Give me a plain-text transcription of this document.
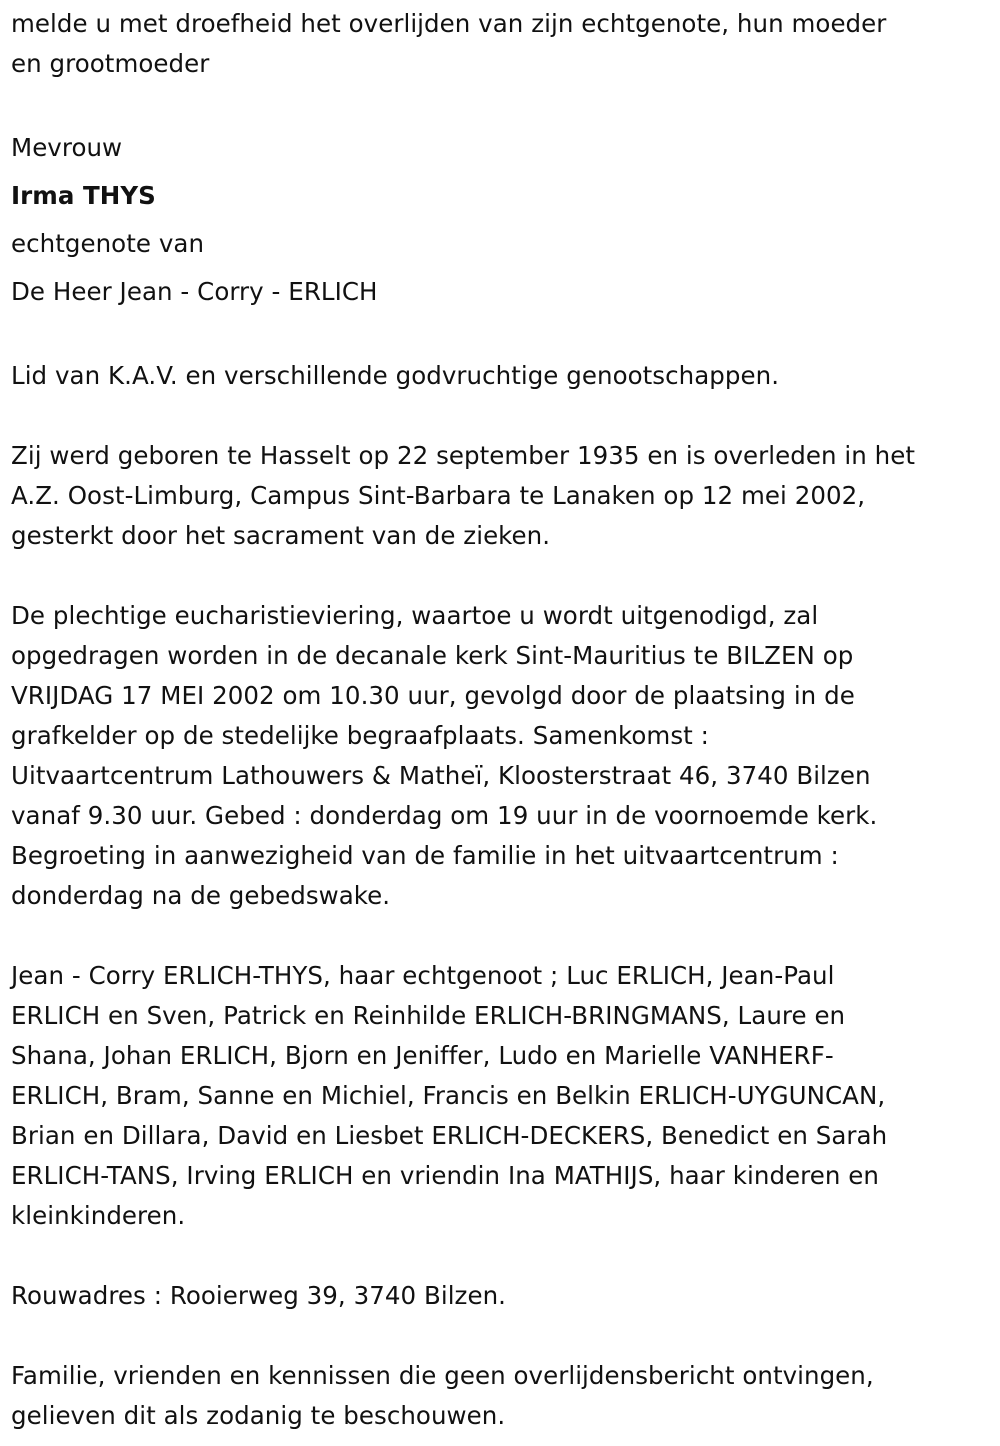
melde u met droefheid het overlijden van zijn echtgenote, hun moeder
en grootmoeder

Mevrouw
Irma THYS
echtgenote van
De Heer Jean - Corry - ERLICH

Lid van K.A.V. en verschillende godvruchtige genootschappen.

Zij werd geboren te Hasselt op 22 september 1935 en is overleden in het
A.Z. Oost-Limburg, Campus Sint-Barbara te Lanaken op 12 mei 2002,
gesterkt door het sacrament van de zieken.

De plechtige eucharistieviering, waartoe u wordt uitgenodigd, zal
opgedragen worden in de decanale kerk Sint-Mauritius te BILZEN op
VRIJDAG 17 MEI 2002 om 10.30 uur, gevolgd door de plaatsing in de
grafkelder op de stedelijke begraafplaats. Samenkomst :
Uitvaartcentrum Lathouwers & Matheï, Kloosterstraat 46, 3740 Bilzen
vanaf 9.30 uur. Gebed : donderdag om 19 uur in de voornoemde kerk.
Begroeting in aanwezigheid van de familie in het uitvaartcentrum :
donderdag na de gebedswake.

Jean - Corry ERLICH-THYS, haar echtgenoot ; Luc ERLICH, Jean-Paul
ERLICH en Sven, Patrick en Reinhilde ERLICH-BRINGMANS, Laure en
Shana, Johan ERLICH, Bjorn en Jeniffer, Ludo en Marielle VANHERF-
ERLICH, Bram, Sanne en Michiel, Francis en Belkin ERLICH-UYGUNCAN,
Brian en Dillara, David en Liesbet ERLICH-DECKERS, Benedict en Sarah
ERLICH-TANS, Irving ERLICH en vriendin Ina MATHIJS, haar kinderen en
kleinkinderen.

Rouwadres : Rooierweg 39, 3740 Bilzen.

Familie, vrienden en kennissen die geen overlijdensbericht ontvingen,
gelieven dit als zodanig te beschouwen.
